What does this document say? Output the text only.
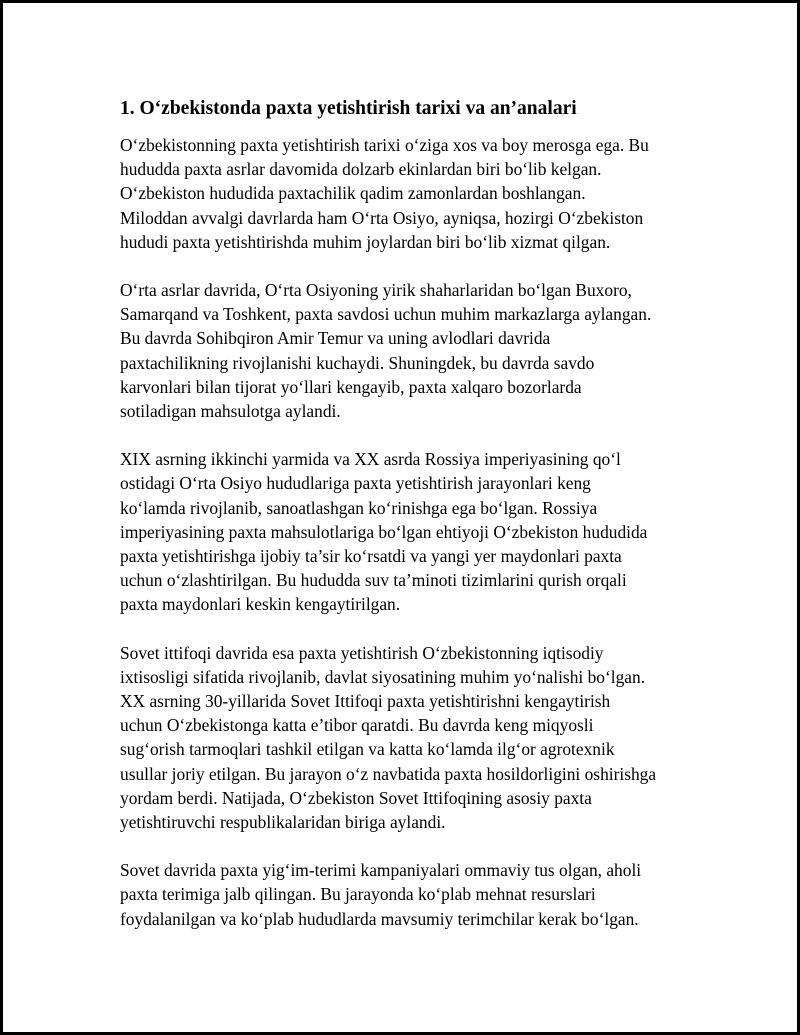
1. O‘zbekistonda paxta yetishtirish tarixi va an’analari

O‘zbekistonning paxta yetishtirish tarixi o‘ziga xos va boy merosga ega. Bu
hududda paxta asrlar davomida dolzarb ekinlardan biri bo‘lib kelgan.
O‘zbekiston hududida paxtachilik qadim zamonlardan boshlangan.
Miloddan avvalgi davrlarda ham O‘rta Osiyo, ayniqsa, hozirgi O‘zbekiston
hududi paxta yetishtirishda muhim joylardan biri bo‘lib xizmat qilgan.

O‘rta asrlar davrida, O‘rta Osiyoning yirik shaharlaridan bo‘lgan Buxoro,
Samarqand va Toshkent, paxta savdosi uchun muhim markazlarga aylangan.
Bu davrda Sohibqiron Amir Temur va uning avlodlari davrida
paxtachilikning rivojlanishi kuchaydi. Shuningdek, bu davrda savdo
karvonlari bilan tijorat yo‘llari kengayib, paxta xalqaro bozorlarda
sotiladigan mahsulotga aylandi.

XIX asrning ikkinchi yarmida va XX asrda Rossiya imperiyasining qo‘l
ostidagi O‘rta Osiyo hududlariga paxta yetishtirish jarayonlari keng
ko‘lamda rivojlanib, sanoatlashgan ko‘rinishga ega bo‘lgan. Rossiya
imperiyasining paxta mahsulotlariga bo‘lgan ehtiyoji O‘zbekiston hududida
paxta yetishtirishga ijobiy ta’sir ko‘rsatdi va yangi yer maydonlari paxta
uchun o‘zlashtirilgan. Bu hududda suv ta’minoti tizimlarini qurish orqali
paxta maydonlari keskin kengaytirilgan.

Sovet ittifoqi davrida esa paxta yetishtirish O‘zbekistonning iqtisodiy
ixtisosligi sifatida rivojlanib, davlat siyosatining muhim yo‘nalishi bo‘lgan.
XX asrning 30-yillarida Sovet Ittifoqi paxta yetishtirishni kengaytirish
uchun O‘zbekistonga katta e’tibor qaratdi. Bu davrda keng miqyosli
sug‘orish tarmoqlari tashkil etilgan va katta ko‘lamda ilg‘or agrotexnik
usullar joriy etilgan. Bu jarayon o‘z navbatida paxta hosildorligini oshirishga
yordam berdi. Natijada, O‘zbekiston Sovet Ittifoqining asosiy paxta
yetishtiruvchi respublikalaridan biriga aylandi.

Sovet davrida paxta yig‘im-terimi kampaniyalari ommaviy tus olgan, aholi
paxta terimiga jalb qilingan. Bu jarayonda ko‘plab mehnat resurslari
foydalanilgan va ko‘plab hududlarda mavsumiy terimchilar kerak bo‘lgan.
